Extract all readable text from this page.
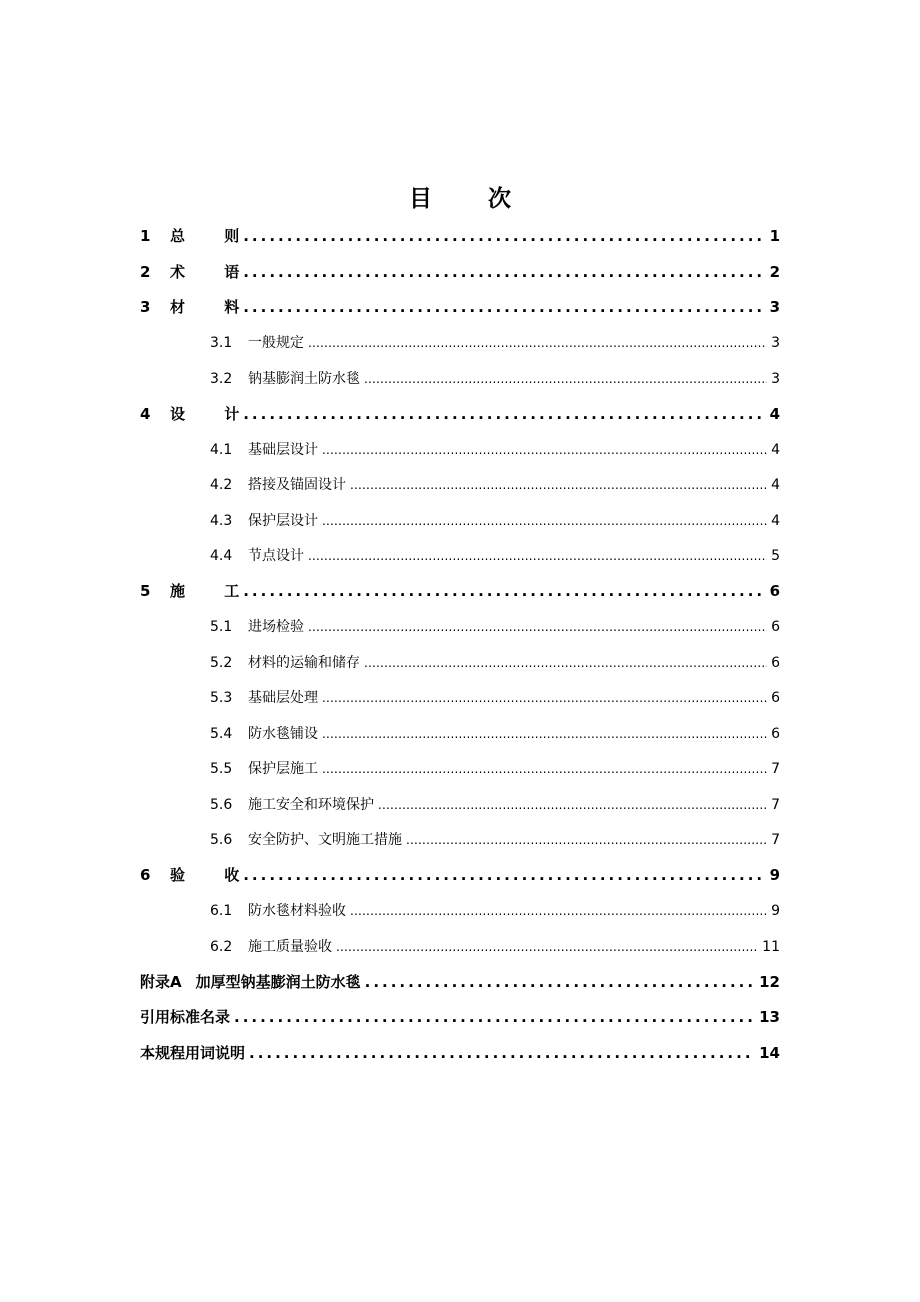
目 次
1	总 则 .....	1
2	术 语 .....	2
3	材 料 .....	3
3.1	一般规定 .....	3
3.2	钠基膨润土防水毯 .....	3
4	设 计 .....	4
4.1	基础层设计 .....	4
4.2	搭接及锚固设计 .....	4
4.3	保护层设计 .....	4
4.4	节点设计 .....	5
5	施 工 .....	6
5.1	进场检验 .....	6
5.2	材料的运输和储存 .....	6
5.3	基础层处理 .....	6
5.4	防水毯铺设 .....	6
5.5	保护层施工 .....	7
5.6	施工安全和环境保护 .....	7
5.6	安全防护、文明施工措施 .....	7
6	验 收 .....	9
6.1	防水毯材料验收 .....	9
6.2	施工质量验收 .....	11
附录A 加厚型钠基膨润土防水毯 .....	12
引用标准名录 .....	13
本规程用词说明 .....	14
